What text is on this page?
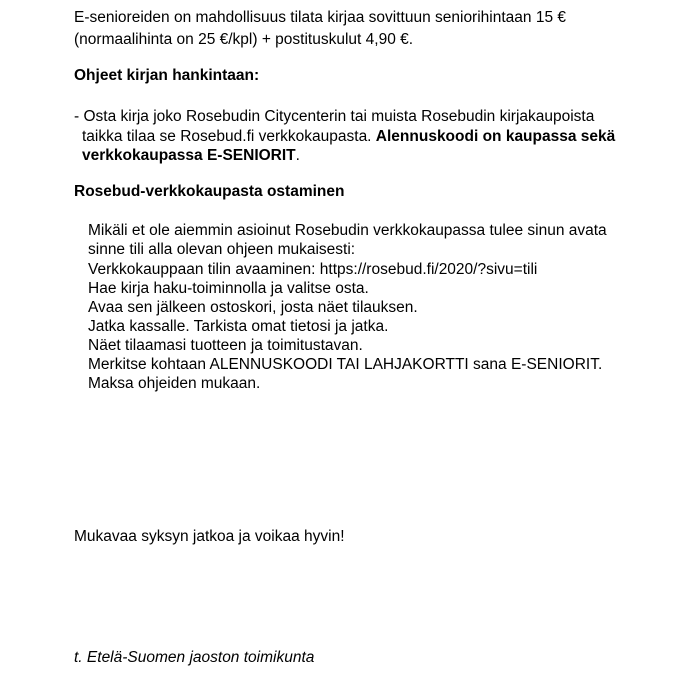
E-senioreiden on mahdollisuus tilata kirjaa sovittuun seniorihintaan 15 €
(normaalihinta on 25 €/kpl) + postituskulut 4,90 €.
Ohjeet kirjan hankintaan:
- Osta kirja joko Rosebudin Citycenterin tai muista Rosebudin kirjakaupoista
taikka tilaa se Rosebud.fi verkkokaupasta. Alennuskoodi on kaupassa sekä
verkkokaupassa E-SENIORIT.
Rosebud-verkkokaupasta ostaminen
Mikäli et ole aiemmin asioinut Rosebudin verkkokaupassa tulee sinun avata
sinne tili alla olevan ohjeen mukaisesti:
Verkkokauppaan tilin avaaminen: https://rosebud.fi/2020/?sivu=tili
Hae kirja haku-toiminnolla ja valitse osta.
Avaa sen jälkeen ostoskori, josta näet tilauksen.
Jatka kassalle. Tarkista omat tietosi ja jatka.
Näet tilaamasi tuotteen ja toimitustavan.
Merkitse kohtaan ALENNUSKOODI TAI LAHJAKORTTI sana E-SENIORIT.
Maksa ohjeiden mukaan.
Mukavaa syksyn jatkoa ja voikaa hyvin!
t. Etelä-Suomen jaoston toimikunta
